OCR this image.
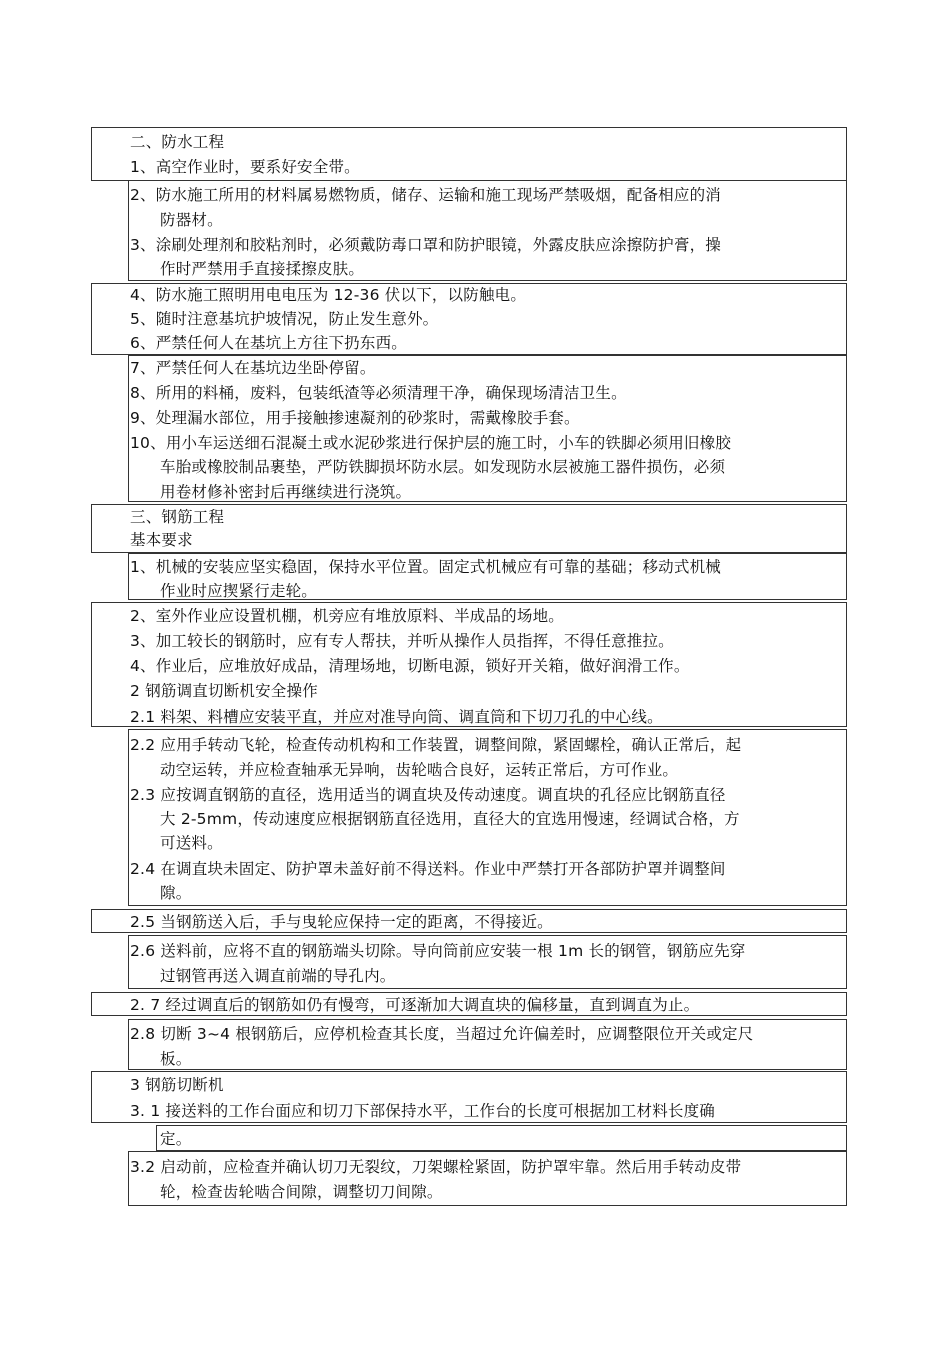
二、防水工程
1、高空作业时，要系好安全带。
2、防水施工所用的材料属易燃物质，储存、运输和施工现场严禁吸烟，配备相应的消
防器材。
3、涂刷处理剂和胶粘剂时，必须戴防毒口罩和防护眼镜，外露皮肤应涂擦防护膏，操
作时严禁用手直接揉擦皮肤。
4、防水施工照明用电电压为 12-36 伏以下，以防触电。
5、随时注意基坑护坡情况，防止发生意外。
6、严禁任何人在基坑上方往下扔东西。
7、严禁任何人在基坑边坐卧停留。
8、所用的料桶，废料，包装纸渣等必须清理干净，确保现场清洁卫生。
9、处理漏水部位，用手接触掺速凝剂的砂浆时，需戴橡胶手套。
10、用小车运送细石混凝土或水泥砂浆进行保护层的施工时，小车的铁脚必须用旧橡胶
车胎或橡胶制品裹垫，严防铁脚损坏防水层。如发现防水层被施工器件损伤，必须
用卷材修补密封后再继续进行浇筑。
三、钢筋工程
基本要求
1、机械的安装应坚实稳固，保持水平位置。固定式机械应有可靠的基础；移动式机械
作业时应揳紧行走轮。
2、室外作业应设置机棚，机旁应有堆放原料、半成品的场地。
3、加工较长的钢筋时，应有专人帮扶，并听从操作人员指挥，不得任意推拉。
4、作业后，应堆放好成品，清理场地，切断电源，锁好开关箱，做好润滑工作。
2 钢筋调直切断机安全操作
2.1 料架、料槽应安装平直，并应对准导向筒、调直筒和下切刀孔的中心线。
2.2 应用手转动飞轮，检查传动机构和工作装置，调整间隙，紧固螺栓，确认正常后，起
动空运转，并应检查轴承无异响，齿轮啮合良好，运转正常后，方可作业。
2.3 应按调直钢筋的直径，选用适当的调直块及传动速度。调直块的孔径应比钢筋直径
大 2-5mm，传动速度应根据钢筋直径选用，直径大的宜选用慢速，经调试合格，方
可送料。
2.4 在调直块未固定、防护罩未盖好前不得送料。作业中严禁打开各部防护罩并调整间
隙。
2.5 当钢筋送入后，手与曳轮应保持一定的距离，不得接近。
2.6 送料前，应将不直的钢筋端头切除。导向筒前应安装一根 1m 长的钢管，钢筋应先穿
过钢管再送入调直前端的导孔内。
2. 7 经过调直后的钢筋如仍有慢弯，可逐渐加大调直块的偏移量，直到调直为止。
2.8 切断 3~4 根钢筋后，应停机检查其长度，当超过允许偏差时，应调整限位开关或定尺
板。
3 钢筋切断机
3. 1 接送料的工作台面应和切刀下部保持水平，工作台的长度可根据加工材料长度确
定。
3.2 启动前，应检查并确认切刀无裂纹，刀架螺栓紧固，防护罩牢靠。然后用手转动皮带
轮，检查齿轮啮合间隙，调整切刀间隙。
